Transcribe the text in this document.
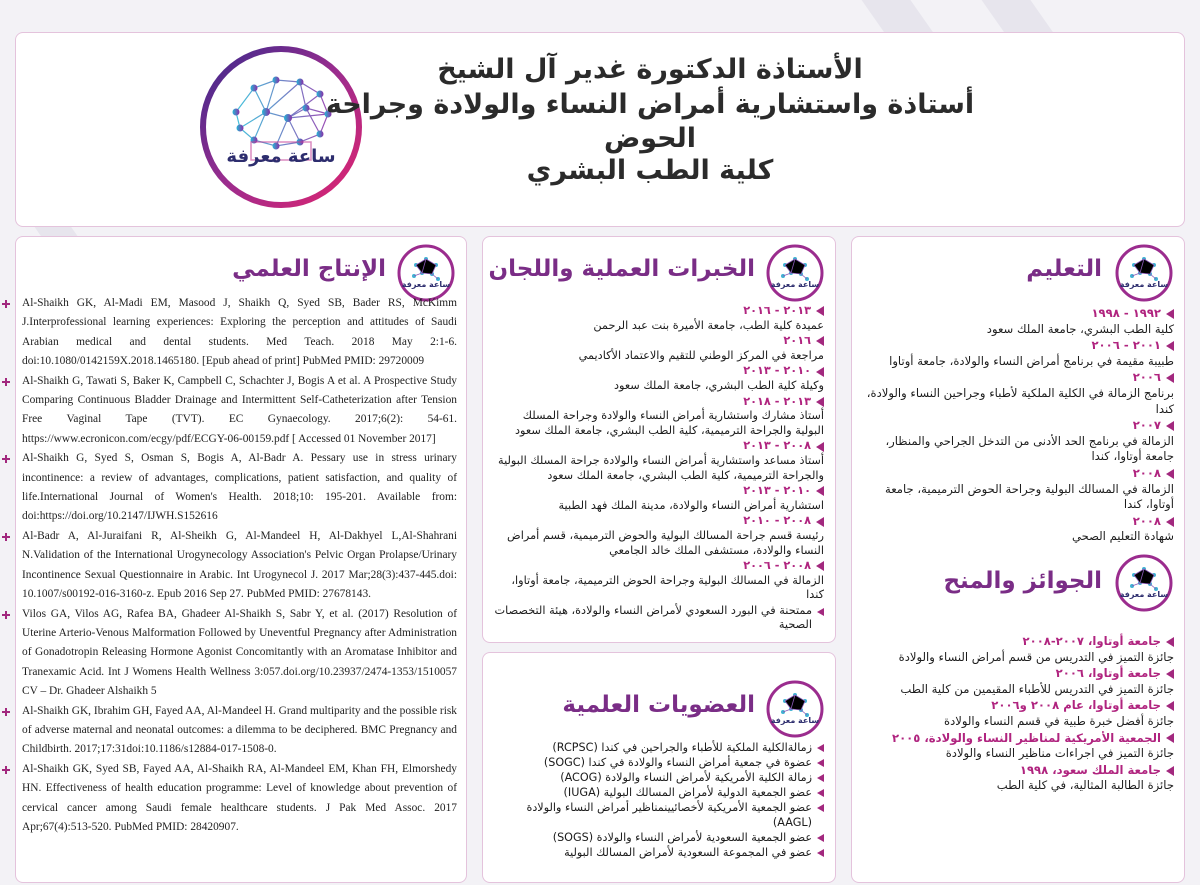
ساعة معرفة
الأستاذة الدكتورة غدير آل الشيخ
أستاذة واستشارية أمراض النساء والولادة وجراحة الحوض
كلية الطب البشري
ساعة معرفة
التعليم
١٩٩٢ - ١٩٩٨
كلية الطب البشري، جامعة الملك سعود
٢٠٠١ - ٢٠٠٦
طبيبة مقيمة في برنامج أمراض النساء والولادة، جامعة أوتاوا
٢٠٠٦
برنامج الزمالة في الكلية الملكية لأطباء وجراحين النساء والولادة، كندا
٢٠٠٧
الزمالة في برنامج الحد الأدنى من التدخل الجراحي والمنظار، جامعة أوتاوا، كندا
٢٠٠٨
الزمالة في المسالك البولية وجراحة الحوض الترميمية، جامعة أوتاوا، كندا
٢٠٠٨
شهادة التعليم الصحي
ساعة معرفة
الجوائز والمنح
جامعة أوتاوا، ٢٠٠٧-٢٠٠٨
جائزة التميز في التدريس من قسم أمراض النساء والولادة
جامعة أوتاوا، ٢٠٠٦
جائزة التميز في التدريس للأطباء المقيمين من كلية الطب
جامعة أوتاوا، عام ٢٠٠٨ و٢٠٠٦
جائزة أفضل خبرة طبية في قسم النساء والولادة
الجمعية الأمريكية لمناظير النساء والولادة، ٢٠٠٥
جائزة التميز في اجراءات مناظير النساء والولادة
جامعة الملك سعود، ١٩٩٨
جائزة الطالبة المثالية، في كلية الطب
ساعة معرفة
الخبرات العملية واللجان
٢٠١٣ - ٢٠١٦
عميدة كلية الطب، جامعة الأميرة بنت عبد الرحمن
٢٠١٦
مراجعة في المركز الوطني للتقيم والاعتماد الأكاديمي
٢٠١٠ - ٢٠١٣
وكيلة كلية الطب البشري، جامعة الملك سعود
٢٠١٣ - ٢٠١٨
أستاذ مشارك واستشارية أمراض النساء والولادة وجراحة المسلك البولية والجراحة الترميمية، كلية الطب البشري، جامعة الملك سعود
٢٠٠٨ - ٢٠١٣
أستاذ مساعد واستشارية أمراض النساء والولادة جراحة المسلك البولية والجراحة الترميمية، كلية الطب البشري، جامعة الملك سعود
٢٠١٠ - ٢٠١٣
استشارية أمراض النساء والولادة، مدينة الملك فهد الطبية
٢٠٠٨ - ٢٠١٠
رئيسة قسم جراحة المسالك البولية والحوض الترميمية، قسم أمراض النساء والولادة، مستشفى الملك خالد الجامعي
٢٠٠٨ - ٢٠٠٦
الزمالة في المسالك البولية وجراحة الحوض الترميمية، جامعة أوتاوا، كندا
ممتحنة في البورد السعودي لأمراض النساء والولادة، هيئة التخصصات الصحية
ساعة معرفة
العضويات العلمية
زمالةالكلية الملكية للأطباء والجراحين في كندا (RCPSC)
عضوة في جمعية أمراض النساء والولادة في كندا (SOGC)
زمالة الكلية الأمريكية لأمراض النساء والولادة (ACOG)
عضو الجمعية الدولية لأمراض المسالك البولية (IUGA)
عضو الجمعية الأمريكية لأخصائيينمناظير أمراض النساء والولادة (AAGL)
عضو الجمعية السعودية لأمراض النساء والولادة (SOGS)
عضو في المجموعة السعودية لأمراض المسالك البولية
ساعة معرفة
الإنتاج العلمي
Al-Shaikh GK, Al-Madi EM, Masood J, Shaikh Q, Syed SB, Bader RS, McKimm J.Interprofessional learning experiences: Exploring the perception and attitudes of Saudi Arabian medical and dental students. Med Teach. 2018 May 2:1-6. doi:10.1080/0142159X.2018.1465180. [Epub ahead of print] PubMed PMID: 29720009
Al-Shaikh G, Tawati S, Baker K, Campbell C, Schachter J, Bogis A et al. A Prospective Study Comparing Continuous Bladder Drainage and Intermittent Self-Catheterization after Tension Free Vaginal Tape (TVT). EC Gynaecology. 2017;6(2): 54-61. https://www.ecronicon.com/ecgy/pdf/ECGY-06-00159.pdf [ Accessed 01 November 2017]
Al-Shaikh G, Syed S, Osman S, Bogis A, Al-Badr A. Pessary use in stress urinary incontinence: a review of advantages, complications, patient satisfaction, and quality of life.International Journal of Women's Health. 2018;10: 195-201. Available from: doi:https://doi.org/10.2147/IJWH.S152616
Al-Badr A, Al-Juraifani R, Al-Sheikh G, Al-Mandeel H, Al-Dakhyel L,Al-Shahrani N.Validation of the International Urogynecology Association's Pelvic Organ Prolapse/Urinary Incontinence Sexual Questionnaire in Arabic. Int Urogynecol J. 2017 Mar;28(3):437-445.doi: 10.1007/s00192-016-3160-z. Epub 2016 Sep 27. PubMed PMID: 27678143.
Vilos GA, Vilos AG, Rafea BA, Ghadeer Al-Shaikh S, Sabr Y, et al. (2017) Resolution of Uterine Arterio-Venous Malformation Followed by Uneventful Pregnancy after Administration of Gonadotropin Releasing Hormone Agonist Concomitantly with an Aromatase Inhibitor and Tranexamic Acid. Int J Womens Health Wellness 3:057.doi.org/10.23937/2474-1353/1510057 CV – Dr. Ghadeer Alshaikh 5
Al-Shaikh GK, Ibrahim GH, Fayed AA, Al-Mandeel H. Grand multiparity and the possible risk of adverse maternal and neonatal outcomes: a dilemma to be deciphered. BMC Pregnancy and Childbirth. 2017;17:31doi:10.1186/s12884-017-1508-0.
Al-Shaikh GK, Syed SB, Fayed AA, Al-Shaikh RA, Al-Mandeel EM, Khan FH, Elmorshedy HN. Effectiveness of health education programme: Level of knowledge about prevention of cervical cancer among Saudi female healthcare students. J Pak Med Assoc. 2017 Apr;67(4):513-520. PubMed PMID: 28420907.
